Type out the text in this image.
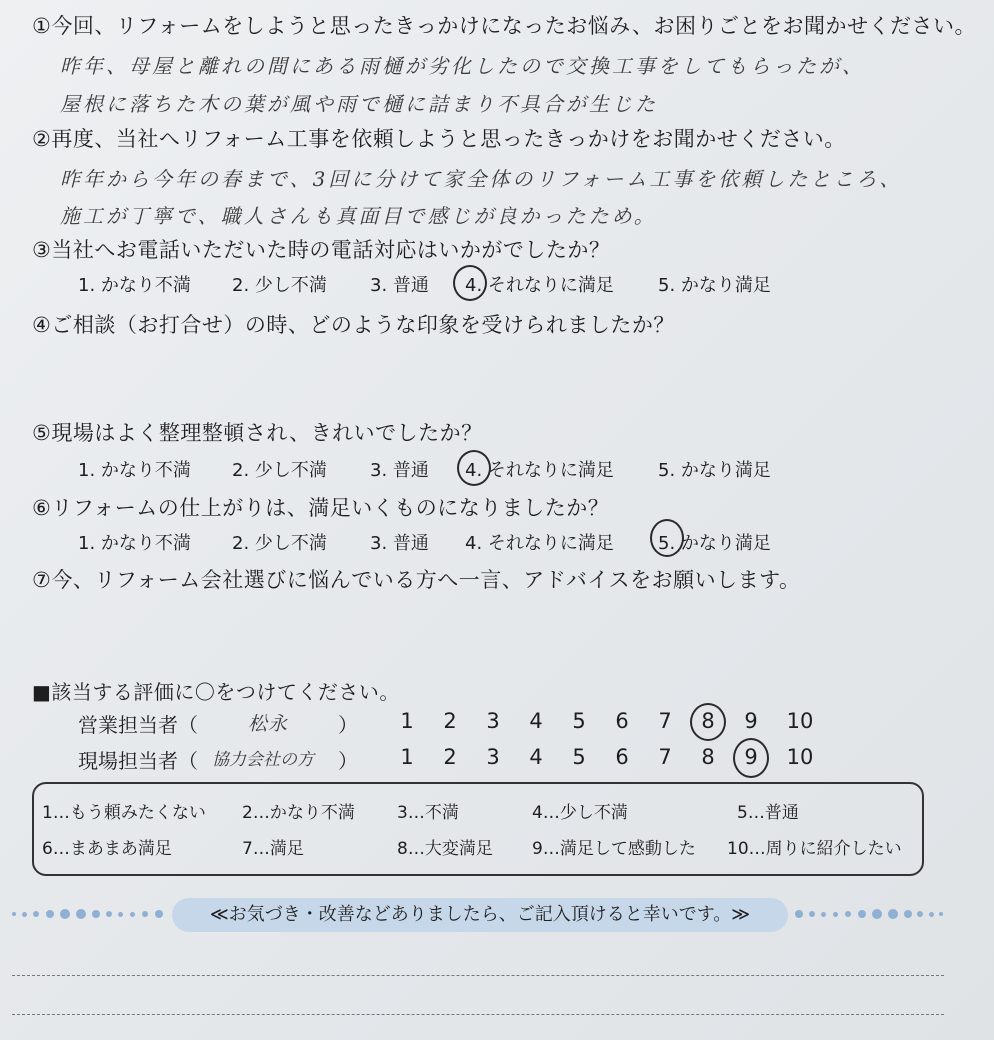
①今回、リフォームをしようと思ったきっかけになったお悩み、お困りごとをお聞かせください。
昨年、母屋と離れの間にある雨樋が劣化したので交換工事をしてもらったが、
屋根に落ちた木の葉が風や雨で樋に詰まり不具合が生じた
②再度、当社へリフォーム工事を依頼しようと思ったきっかけをお聞かせください。
昨年から今年の春まで、3回に分けて家全体のリフォーム工事を依頼したところ、
施工が丁寧で、職人さんも真面目で感じが良かったため。
③当社へお電話いただいた時の電話対応はいかがでしたか？
1. かなり不満 2. 少し不満 3. 普通 4. それなりに満足 5. かなり満足
④ご相談（お打合せ）の時、どのような印象を受けられましたか？
⑤現場はよく整理整頓され、きれいでしたか？
1. かなり不満 2. 少し不満 3. 普通 4. それなりに満足 5. かなり満足
⑥リフォームの仕上がりは、満足いくものになりましたか？
1. かなり不満 2. 少し不満 3. 普通 4. それなりに満足 5. かなり満足
⑦今、リフォーム会社選びに悩んでいる方へ一言、アドバイスをお願いします。
■該当する評価に〇をつけてください。
営業担当者（	松永 ） 1 2 3 4 5 6 7 8 9 10
現場担当者（ 協力会社の方 ） 1 2 3 4 5 6 7 8 9 10
1…もう頼みたくない 2…かなり不満 3…不満	4…少し不満	5…普通
6…まあまあ満足	7…満足	8…大変満足 9…満足して感動した 10…周りに紹介したい
≪お気づき・改善などありましたら、ご記入頂けると幸いです。≫
